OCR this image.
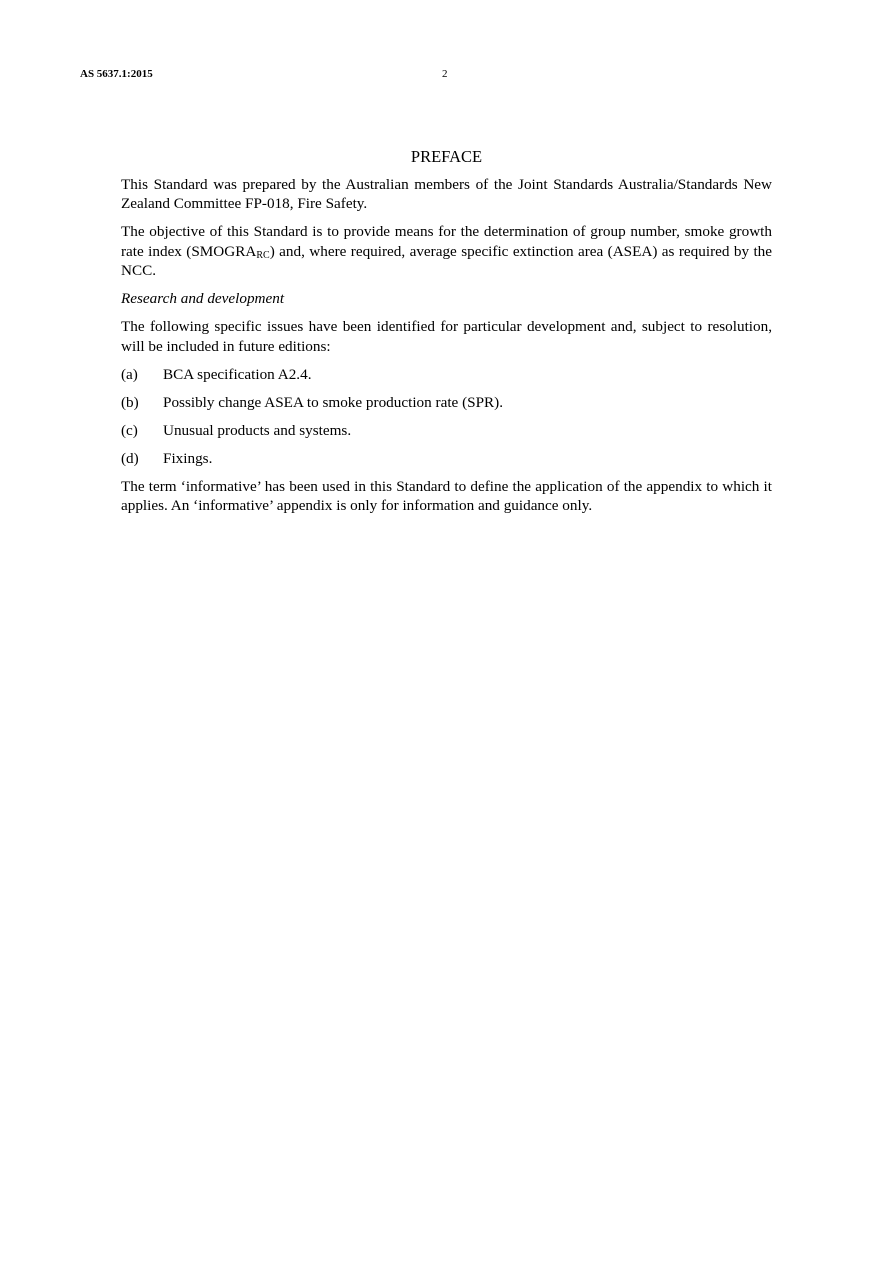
AS 5637.1:2015	2
PREFACE

This Standard was prepared by the Australian members of the Joint Standards Australia/Standards New Zealand Committee FP-018, Fire Safety.

The objective of this Standard is to provide means for the determination of group number, smoke growth rate index $(SMOGRA_{RC})$ and, where required, average specific extinction area (ASEA) as required by the NCC.

Research and development

The following specific issues have been identified for particular development and, subject to resolution, will be included in future editions:

(a)	BCA specification A2.4.
(b)	Possibly change ASEA to smoke production rate (SPR).
(c)	Unusual products and systems.
(d)	Fixings.

The term ‘informative’ has been used in this Standard to define the application of the appendix to which it applies. An ‘informative’ appendix is only for information and guidance only.
